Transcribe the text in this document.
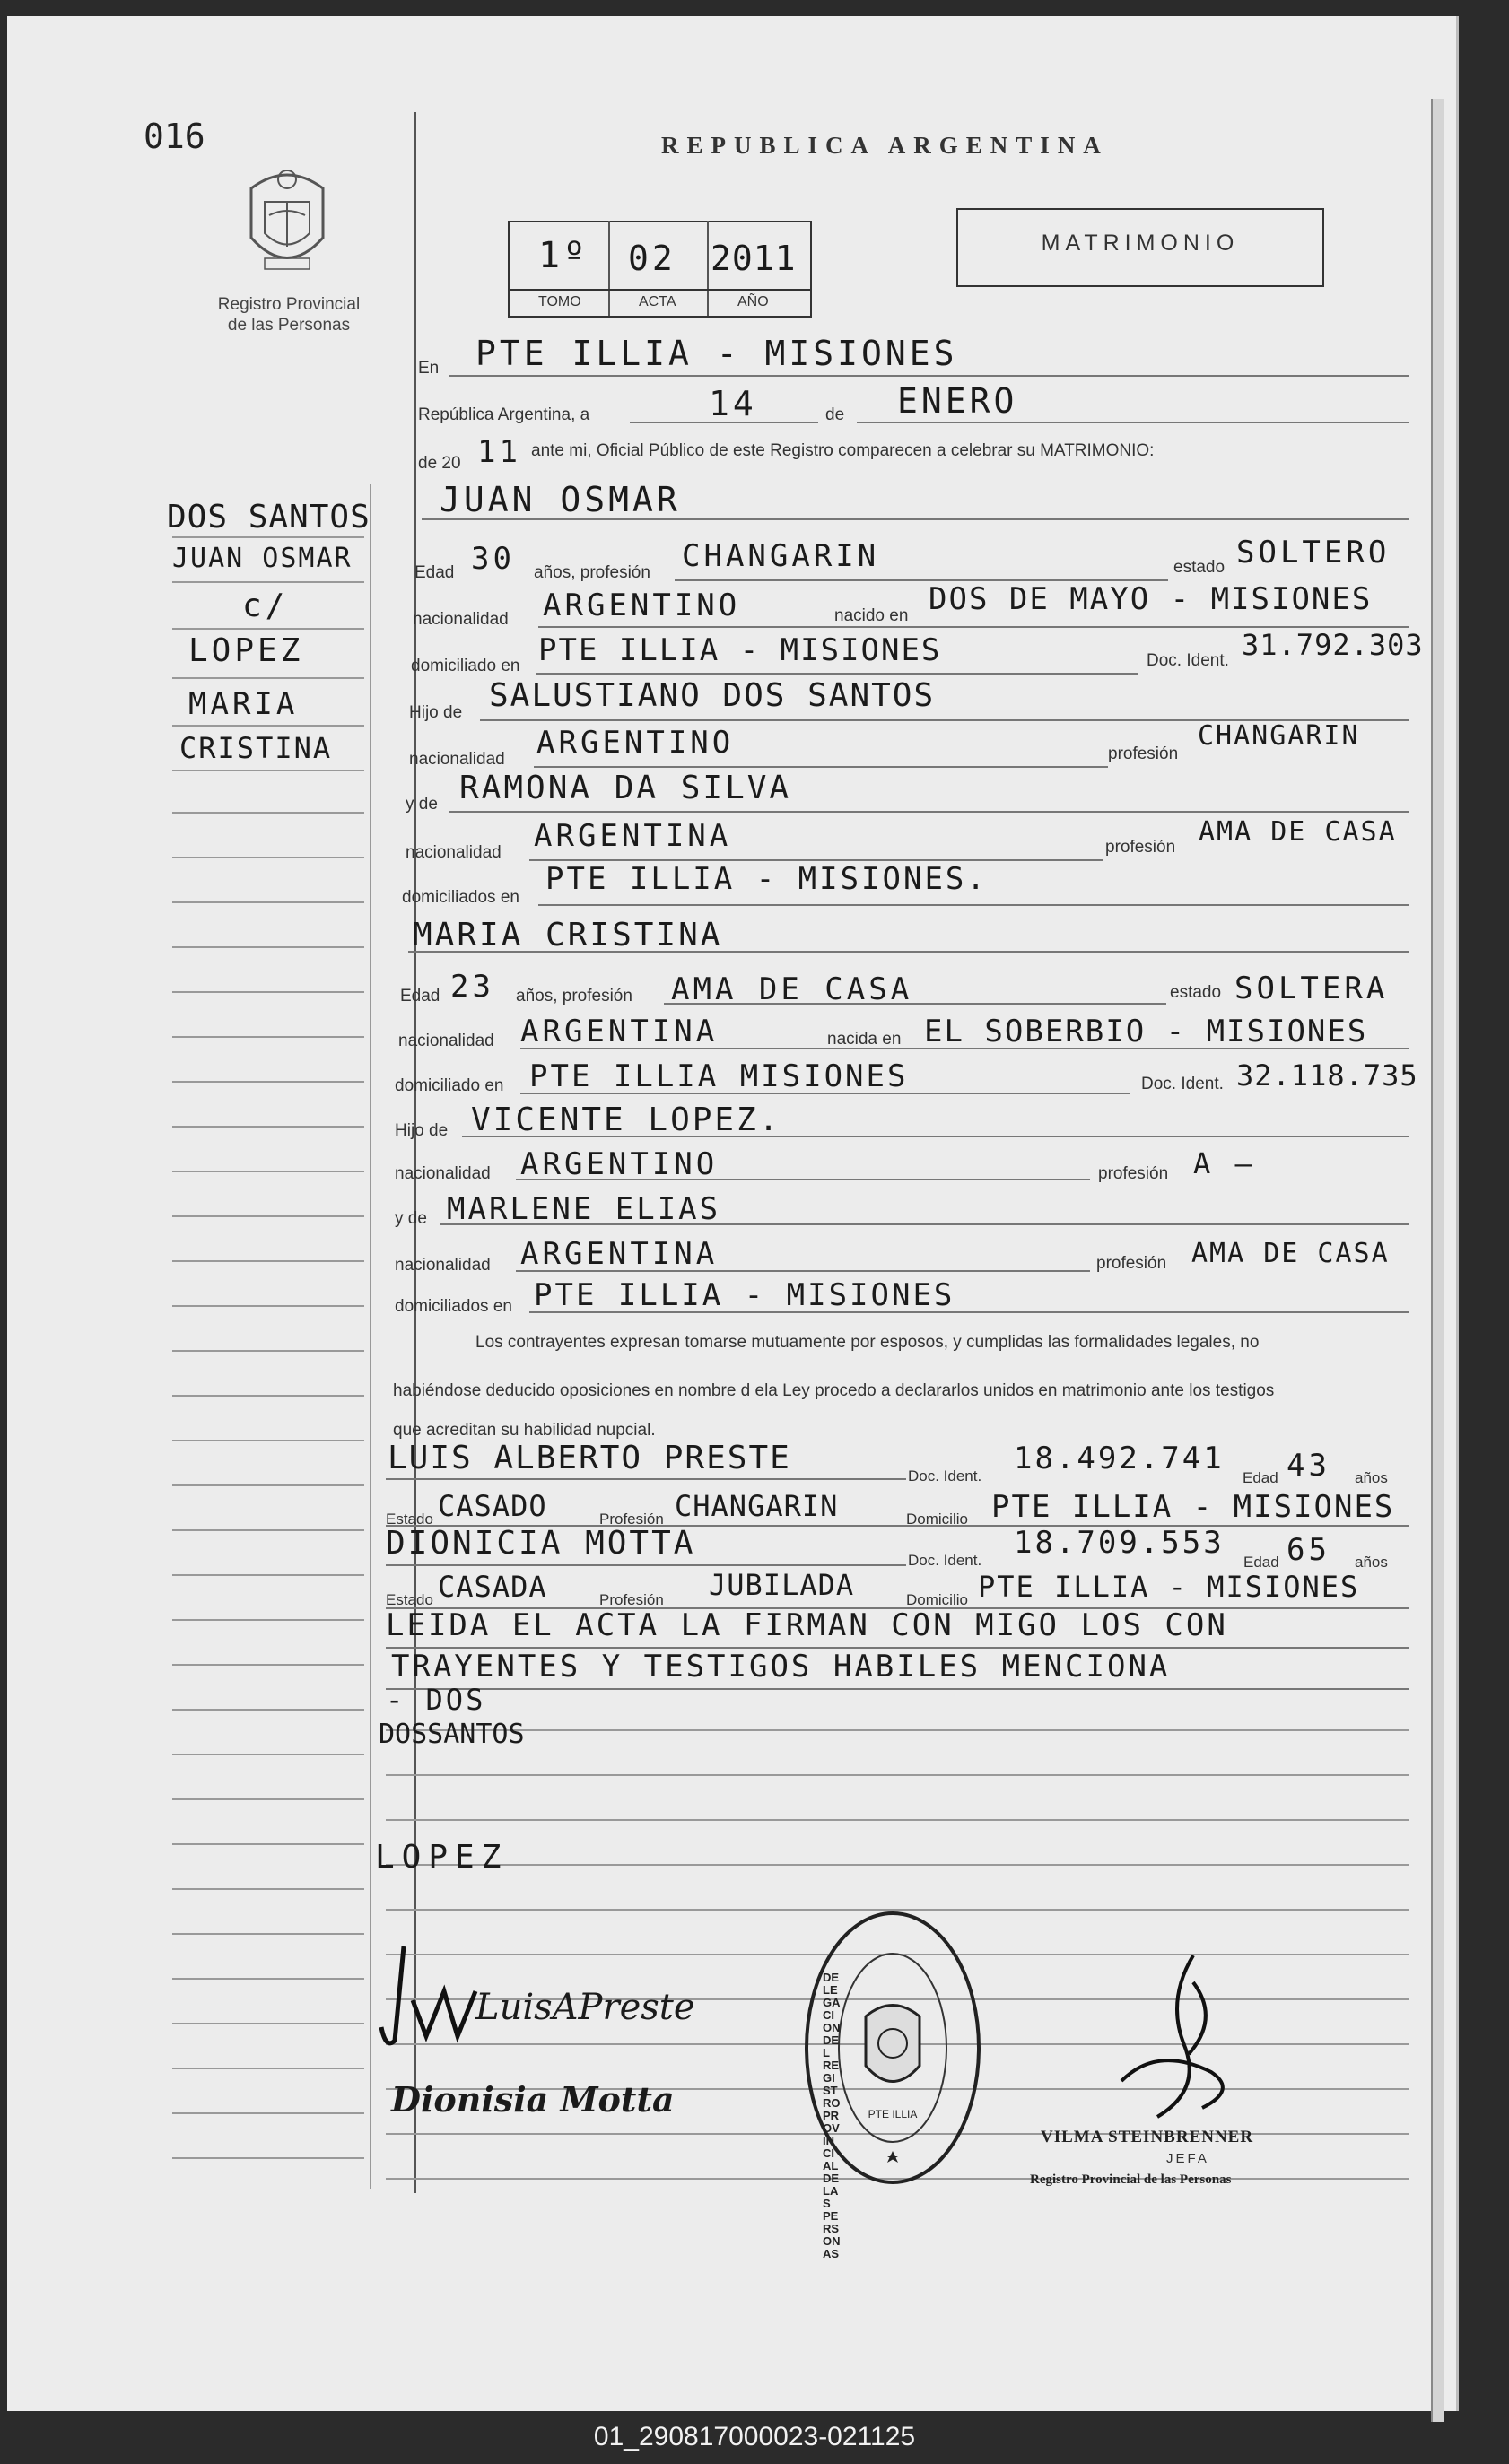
016
Registro Provincial de las Personas
REPUBLICA ARGENTINA
1º 02 2011
TOMO	ACTA	AÑO
MATRIMONIO
DOS SANTOS
JUAN OSMAR
c/
LOPEZ
MARIA
CRISTINA
En PTE ILLIA - MISIONES
República Argentina, a	14	de ENERO
de 20 11 ante mi, Oficial Público de este Registro comparecen a celebrar su MATRIMONIO:
JUAN OSMAR
Edad 30 años, profesión CHANGARIN	estado SOLTERO
nacionalidad ARGENTINO	nacido en DOS DE MAYO - MISIONES
domiciliado en PTE ILLIA - MISIONES	Doc. Ident. 31.792.303
Hijo de SALUSTIANO DOS SANTOS
nacionalidad ARGENTINO	profesión
CHANGARIN
y de RAMONA DA SILVA
nacionalidad ARGENTINA	profesión AMA DE CASA
domiciliados en
PTE ILLIA - MISIONES.
MARIA CRISTINA
Edad 23 años, profesión AMA DE CASA	estado SOLTERA
nacionalidad ARGENTINA	nacida en EL SOBERBIO - MISIONES
domiciliado en PTE ILLIA MISIONES	Doc. Ident. 32.118.735
Hijo de VICENTE LOPEZ.
nacionalidad ARGENTINO	profesión A —
y de MARLENE ELIAS
nacionalidad ARGENTINA	profesión AMA DE CASA
domiciliados en PTE ILLIA - MISIONES
Los contrayentes expresan tomarse mutuamente por esposos, y cumplidas las formalidades legales, no
habiéndose deducido oposiciones en nombre d ela Ley procedo a declararlos unidos en matrimonio ante los testigos
que acreditan su habilidad nupcial.
LUIS ALBERTO PRESTE	Doc. Ident. 18.492.741
Edad 43 años
Estado CASADO	Profesión CHANGARIN	Domicilio PTE ILLIA - MISIONES
DIONICIA MOTTA	Doc. Ident. 18.709.553
Edad 65 años
Estado CASADA	Profesión JUBILADA	Domicilio PTE ILLIA - MISIONES
LEIDA EL ACTA LA FIRMAN CON MIGO LOS CON
TRAYENTES Y TESTIGOS HABILES MENCIONA
- DOS
DOSSANTOS
LOPEZ
LuisAPreste
Dionisia Motta
DELEGACION DEL REGISTRO PROVINCIAL DE LAS PERSONAS
PTE ILLIA
VILMA STEINBRENNER
JEFA
Registro Provincial de las Personas
01_290817000023-021125
